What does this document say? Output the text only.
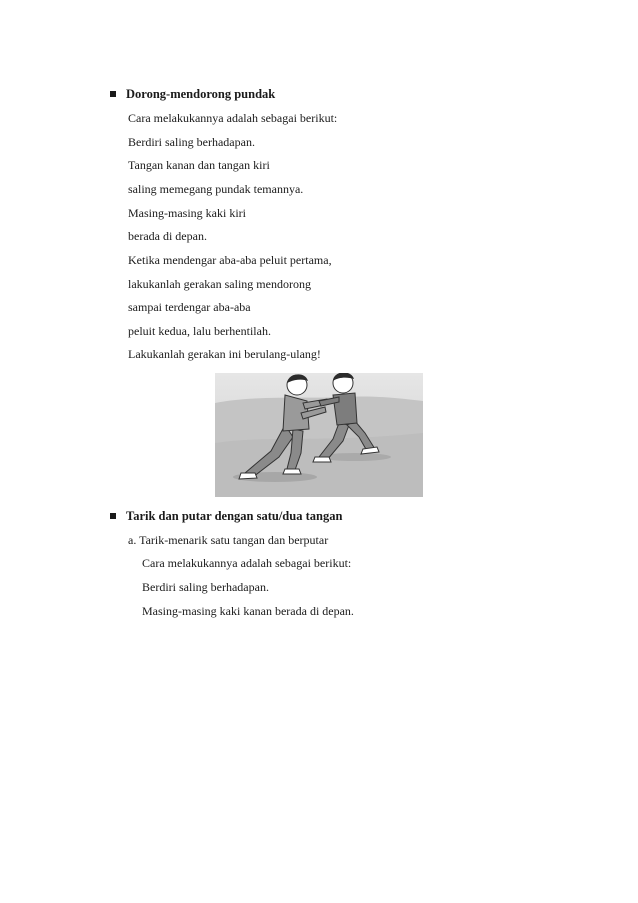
Dorong-mendorong pundak
Cara melakukannya adalah sebagai berikut:
Berdiri saling berhadapan.
Tangan kanan dan tangan kiri
saling memegang pundak temannya.
Masing-masing kaki kiri
berada di depan.
Ketika mendengar aba-aba peluit pertama,
lakukanlah gerakan saling mendorong
sampai terdengar aba-aba
peluit kedua, lalu berhentilah.
Lakukanlah gerakan ini berulang-ulang!
Tarik dan putar dengan satu/dua tangan
a. Tarik-menarik satu tangan dan berputar
Cara melakukannya adalah sebagai berikut:
Berdiri saling berhadapan.
Masing-masing kaki kanan berada di depan.
